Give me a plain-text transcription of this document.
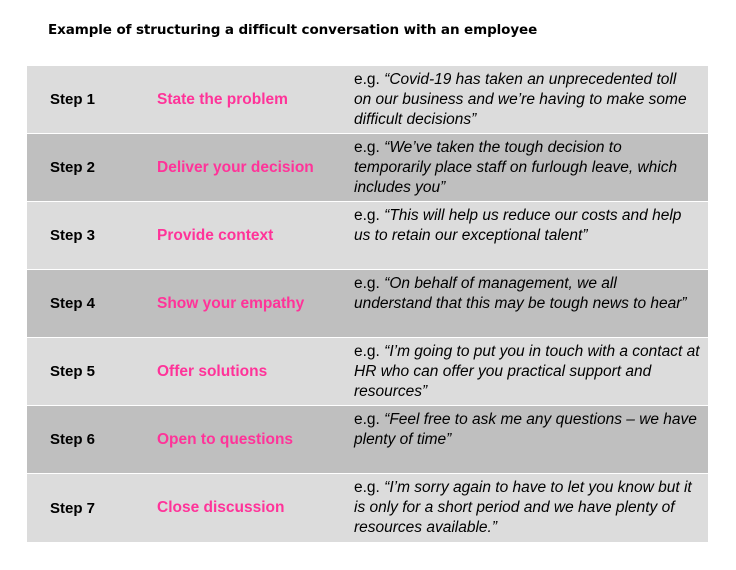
Example of structuring a difficult conversation with an employee
Step 1	State the problem
e.g. “Covid-19 has taken an unprecedented toll
on our business and we’re having to make some
difficult decisions”
Step 2	Deliver your decision
e.g. “We’ve taken the tough decision to
temporarily place staff on furlough leave, which
includes you”
Step 3	Provide context
e.g. “This will help us reduce our costs and help
us to retain our exceptional talent”
Step 4	Show your empathy
e.g. “On behalf of management, we all
understand that this may be tough news to hear”
Step 5	Offer solutions
e.g. “I’m going to put you in touch with a contact at
HR who can offer you practical support and
resources”
Step 6	Open to questions
e.g. “Feel free to ask me any questions – we have
plenty of time”
Step 7	Close discussion
e.g. “I’m sorry again to have to let you know but it
is only for a short period and we have plenty of
resources available.”
